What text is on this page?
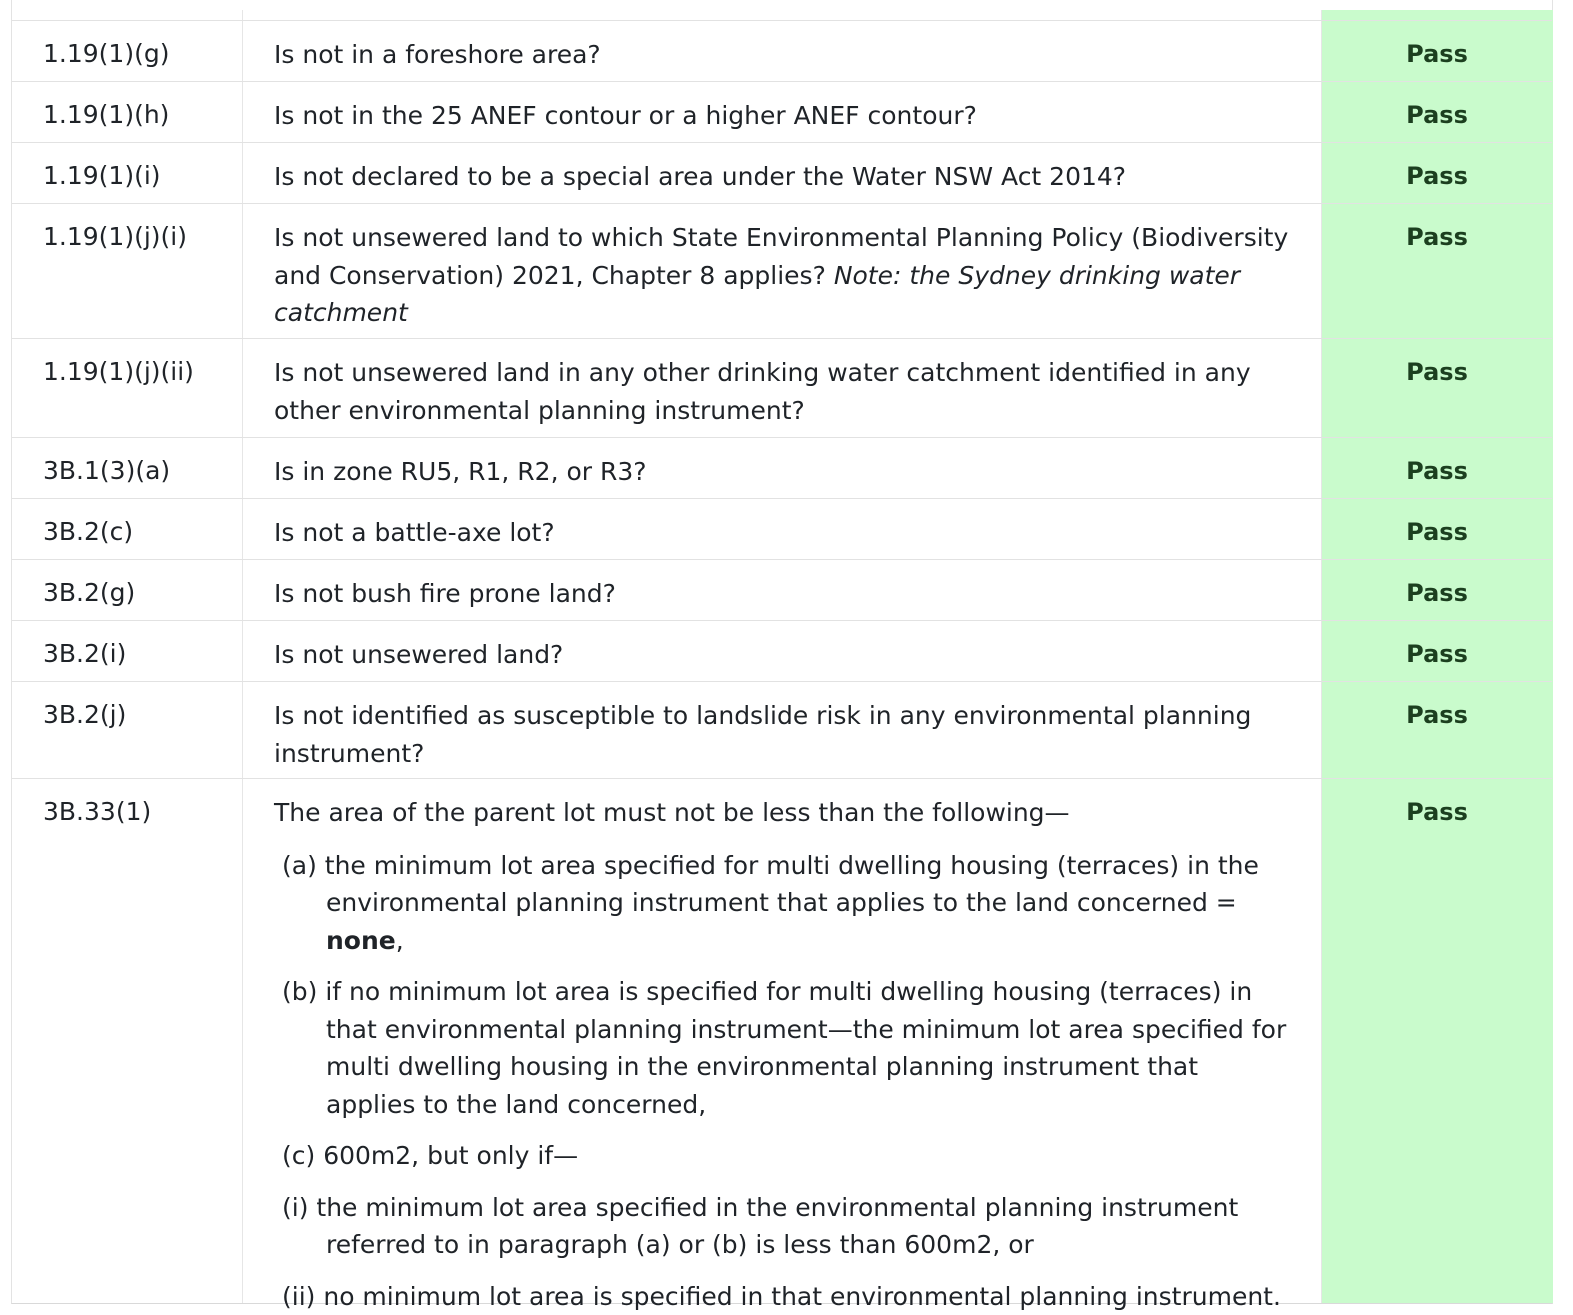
1.19(1)(g)	Is not in a foreshore area?	Pass
1.19(1)(h)	Is not in the 25 ANEF contour or a higher ANEF contour?	Pass
1.19(1)(i)	Is not declared to be a special area under the Water NSW Act 2014?	Pass
1.19(1)(j)(i)	Is not unsewered land to which State Environmental Planning Policy (Biodiversity and Conservation) 2021, Chapter 8 applies? Note: the Sydney drinking water catchment
Pass
1.19(1)(j)(ii)	Is not unsewered land in any other drinking water catchment identified in any other environmental planning instrument?
Pass
3B.1(3)(a)	Is in zone RU5, R1, R2, or R3?	Pass
3B.2(c)	Is not a battle-axe lot?	Pass
3B.2(g)	Is not bush fire prone land?	Pass
3B.2(i)	Is not unsewered land?	Pass
3B.2(j)	Is not identified as susceptible to landslide risk in any environmental planning instrument?
Pass
3B.33(1)	The area of the parent lot must not be less than the following—
(a) the minimum lot area specified for multi dwelling housing (terraces) in the environmental planning instrument that applies to the land concerned = none,
(b) if no minimum lot area is specified for multi dwelling housing (terraces) in that environmental planning instrument—the minimum lot area specified for multi dwelling housing in the environmental planning instrument that applies to the land concerned,
(c) 600m2, but only if—
(i) the minimum lot area specified in the environmental planning instrument referred to in paragraph (a) or (b) is less than 600m2, or
(ii) no minimum lot area is specified in that environmental planning instrument.
Pass
